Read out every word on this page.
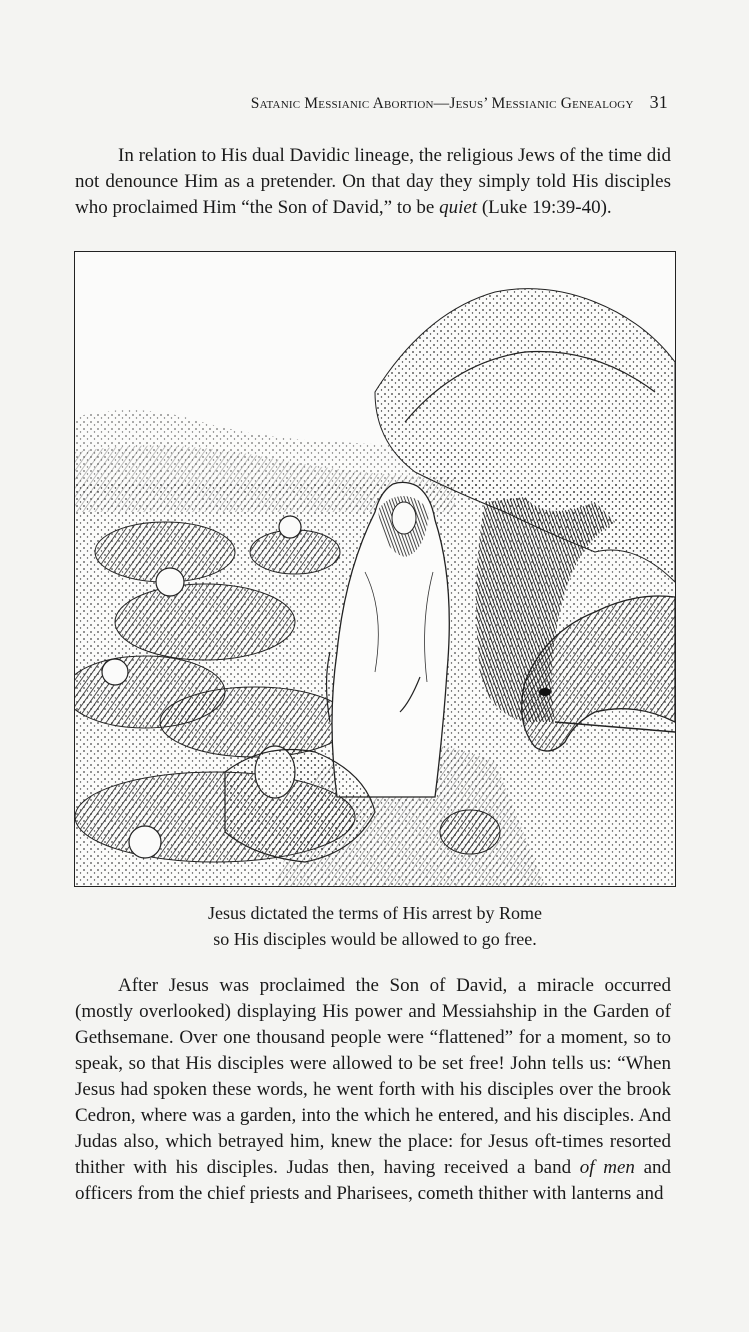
Satanic Messianic Abortion—Jesus’ Messianic Genealogy 31

In relation to His dual Davidic lineage, the religious Jews of the time did not denounce Him as a pretender. On that day they simply told His disciples who proclaimed Him “the Son of David,” to be quiet (Luke 19:39-40).

Jesus dictated the terms of His arrest by Rome
so His disciples would be allowed to go free.

After Jesus was proclaimed the Son of David, a miracle occurred (mostly overlooked) displaying His power and Messiahship in the Garden of Gethsemane. Over one thousand people were “flattened” for a moment, so to speak, so that His disciples were allowed to be set free! John tells us: “When Jesus had spoken these words, he went forth with his disciples over the brook Cedron, where was a garden, into the which he entered, and his disciples. And Judas also, which betrayed him, knew the place: for Jesus oft-times resorted thither with his disciples. Judas then, having received a band of men and officers from the chief priests and Pharisees, cometh thither with lanterns and
